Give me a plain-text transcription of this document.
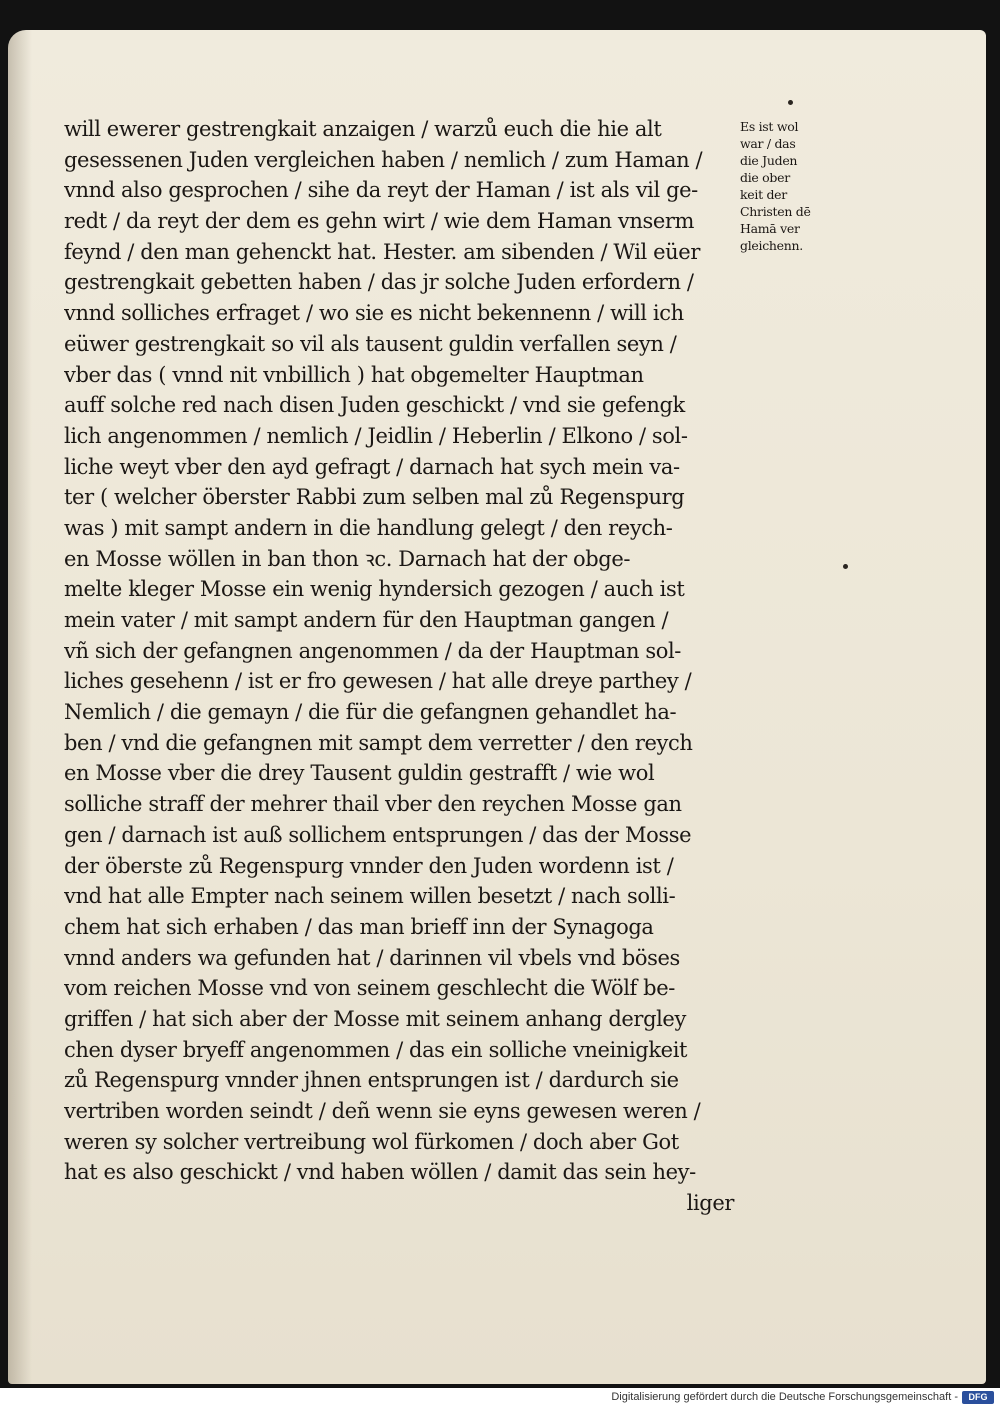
will ewerer gestrengkait anzaigen / warzů euch die hie alt
gesessenen Juden vergleichen haben / nemlich / zum Haman /
vnnd also gesprochen / sihe da reyt der Haman / ist als vil ge-
redt / da reyt der dem es gehn wirt / wie dem Haman vnserm
feynd / den man gehenckt hat. Hester. am sibenden / Wil eüer
gestrengkait gebetten haben / das jr solche Juden erfordern /
vnnd solliches erfraget / wo sie es nicht bekennenn / will ich
eüwer gestrengkait so vil als tausent guldin verfallen seyn /
vber das ( vnnd nit vnbillich ) hat obgemelter Hauptman
auff solche red nach disen Juden geschickt / vnd sie gefengk
lich angenommen / nemlich / Jeidlin / Heberlin / Elkono / sol-
liche weyt vber den ayd gefragt / darnach hat sych mein va-
ter ( welcher öberster Rabbi zum selben mal zů Regenspurg
was ) mit sampt andern in die handlung gelegt / den reych-
en Mosse wöllen in ban thon ꝛc. Darnach hat der obge-
melte kleger Mosse ein wenig hyndersich gezogen / auch ist
mein vater / mit sampt andern für den Hauptman gangen /
vñ sich der gefangnen angenommen / da der Hauptman sol-
liches gesehenn / ist er fro gewesen / hat alle dreye parthey /
Nemlich / die gemayn / die für die gefangnen gehandlet ha-
ben / vnd die gefangnen mit sampt dem verretter / den reych
en Mosse vber die drey Tausent guldin gestrafft / wie wol
solliche straff der mehrer thail vber den reychen Mosse gan
gen / darnach ist auß sollichem entsprungen / das der Mosse
der öberste zů Regenspurg vnnder den Juden wordenn ist /
vnd hat alle Empter nach seinem willen besetzt / nach solli-
chem hat sich erhaben / das man brieff inn der Synagoga
vnnd anders wa gefunden hat / darinnen vil vbels vnd böses
vom reichen Mosse vnd von seinem geschlecht die Wölf be-
griffen / hat sich aber der Mosse mit seinem anhang dergley
chen dyser bryeff angenommen / das ein solliche vneinigkeit
zů Regenspurg vnnder jhnen entsprungen ist / dardurch sie
vertriben worden seindt / deñ wenn sie eyns gewesen weren /
weren sy solcher vertreibung wol fürkomen / doch aber Got
hat es also geschickt / vnd haben wöllen / damit das sein hey-
liger
Es ist wol
war / das
die Juden
die ober
keit der
Christen dē
Hamā ver
gleichenn.
Digitalisierung gefördert durch die Deutsche Forschungsgemeinschaft -	DFG
